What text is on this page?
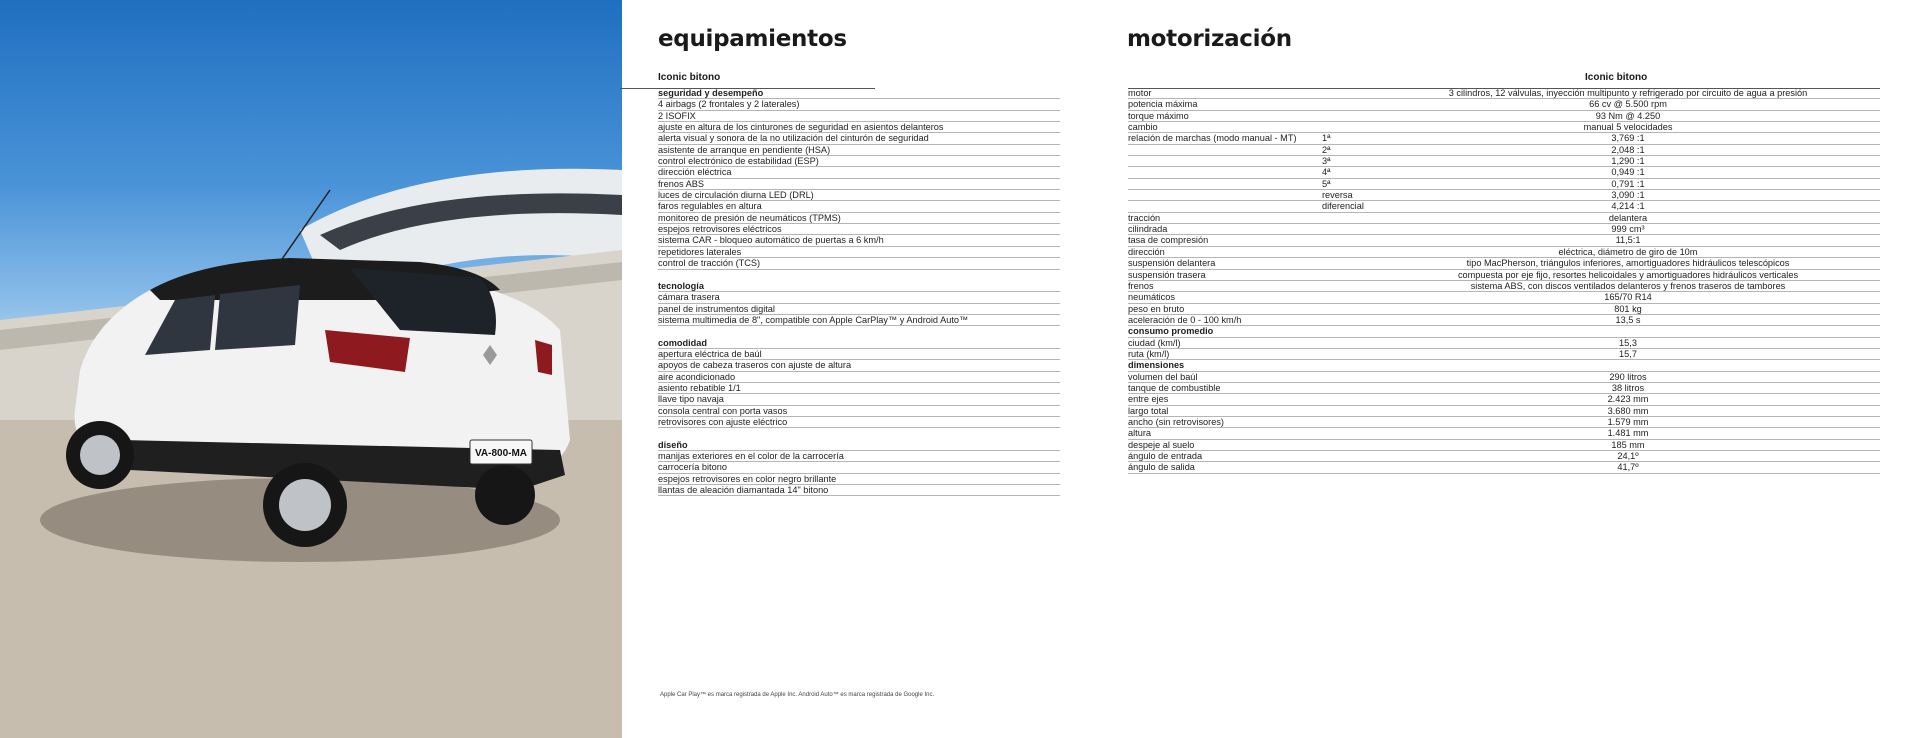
VA-800-MA
equipamientos
Iconic bitono
seguridad y desempeño
4 airbags (2 frontales y 2 laterales)
2 ISOFIX
ajuste en altura de los cinturones de seguridad en asientos delanteros
alerta visual y sonora de la no utilización del cinturón de seguridad
asistente de arranque en pendiente (HSA)
control electrónico de estabilidad (ESP)
dirección eléctrica
frenos ABS
luces de circulación diurna LED (DRL)
faros regulables en altura
monitoreo de presión de neumáticos (TPMS)
espejos retrovisores eléctricos
sistema CAR - bloqueo automático de puertas a 6 km/h
repetidores laterales
control de tracción (TCS)
tecnología
cámara trasera
panel de instrumentos digital
sistema multimedia de 8", compatible con Apple CarPlay™ y Android Auto™
comodidad
apertura eléctrica de baúl
apoyos de cabeza traseros con ajuste de altura
aire acondicionado
asiento rebatible 1/1
llave tipo navaja
consola central con porta vasos
retrovisores con ajuste eléctrico
diseño
manijas exteriores en el color de la carrocería
carrocería bitono
espejos retrovisores en color negro brillante
llantas de aleación diamantada 14" bitono
motorización
Iconic bitono
motor	3 cilindros, 12 válvulas, inyección multipunto y refrigerado por circuito de agua a presión
potencia máxima	66 cv @ 5.500 rpm
torque máximo	93 Nm @ 4.250
cambio	manual 5 velocidades
relación de marchas (modo manual - MT)	1ª	3,769 :1
2ª	2,048 :1
3ª	1,290 :1
4ª	0,949 :1
5ª	0,791 :1
reversa	3,090 :1
diferencial	4,214 :1
tracción	delantera
cilindrada	999 cm³
tasa de compresión	11,5:1
dirección	eléctrica, diámetro de giro de 10m
suspensión delantera	tipo MacPherson, triángulos inferiores, amortiguadores hidráulicos telescópicos
suspensión trasera	compuesta por eje fijo, resortes helicoidales y amortiguadores hidráulicos verticales
frenos	sistema ABS, con discos ventilados delanteros y frenos traseros de tambores
neumáticos	165/70 R14
peso en bruto	801 kg
aceleración de 0 - 100 km/h	13,5 s
consumo promedio
ciudad (km/l)	15,3
ruta (km/l)	15,7
dimensiones
volumen del baúl	290 litros
tanque de combustible	38 litros
entre ejes	2.423 mm
largo total	3.680 mm
ancho (sin retrovisores)	1.579 mm
altura	1.481 mm
despeje al suelo	185 mm
ángulo de entrada	24,1º
ángulo de salida	41,7º
Apple Car Play™ es marca registrada de Apple Inc. Android Auto™ es marca registrada de Google Inc.
